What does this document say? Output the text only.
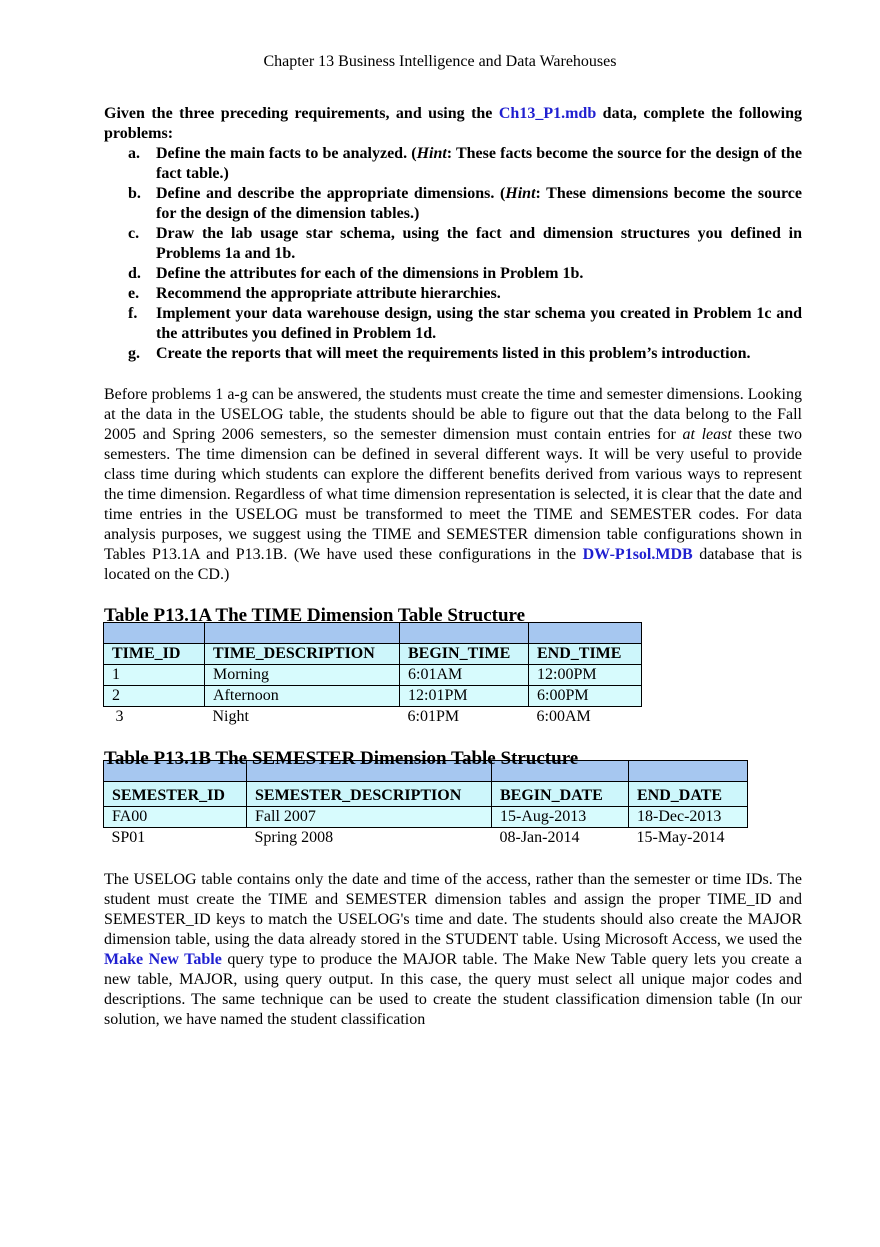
Chapter 13 Business Intelligence and Data Warehouses

Given the three preceding requirements, and using the Ch13_P1.mdb data, complete the following problems:

a. Define the main facts to be analyzed. (Hint: These facts become the source for the design of the fact table.)
b. Define and describe the appropriate dimensions. (Hint: These dimensions become the source for the design of the dimension tables.)
c. Draw the lab usage star schema, using the fact and dimension structures you defined in Problems 1a and 1b.
d. Define the attributes for each of the dimensions in Problem 1b.
e. Recommend the appropriate attribute hierarchies.
f. Implement your data warehouse design, using the star schema you created in Problem 1c and the attributes you defined in Problem 1d.
g. Create the reports that will meet the requirements listed in this problem’s introduction.

Before problems 1 a-g can be answered, the students must create the time and semester dimensions. Looking at the data in the USELOG table, the students should be able to figure out that the data belong to the Fall 2005 and Spring 2006 semesters, so the semester dimension must contain entries for at least these two semesters. The time dimension can be defined in several different ways. It will be very useful to provide class time during which students can explore the different benefits derived from various ways to represent the time dimension. Regardless of what time dimension representation is selected, it is clear that the date and time entries in the USELOG must be transformed to meet the TIME and SEMESTER codes. For data analysis purposes, we suggest using the TIME and SEMESTER dimension table configurations shown in Tables P13.1A and P13.1B. (We have used these configurations in the DW-P1sol.MDB database that is located on the CD.)

TIME_ID	TIME_DESCRIPTION	BEGIN_TIME	END_TIME
1	Morning	6:01AM	12:00PM
2	Afternoon	12:01PM	6:00PM
3	Night	6:01PM	6:00AM
Table P13.1A The TIME Dimension Table Structure

SEMESTER_ID	SEMESTER_DESCRIPTION	BEGIN_DATE	END_DATE
FA00	Fall 2007	15-Aug-2013	18-Dec-2013
SP01	Spring 2008	08-Jan-2014	15-May-2014
Table P13.1B The SEMESTER Dimension Table Structure

The USELOG table contains only the date and time of the access, rather than the semester or time IDs. The student must create the TIME and SEMESTER dimension tables and assign the proper TIME_ID and SEMESTER_ID keys to match the USELOG's time and date. The students should also create the MAJOR dimension table, using the data already stored in the STUDENT table. Using Microsoft Access, we used the Make New Table query type to produce the MAJOR table. The Make New Table query lets you create a new table, MAJOR, using query output. In this case, the query must select all unique major codes and descriptions. The same technique can be used to create the student classification dimension table (In our solution, we have named the student classification
